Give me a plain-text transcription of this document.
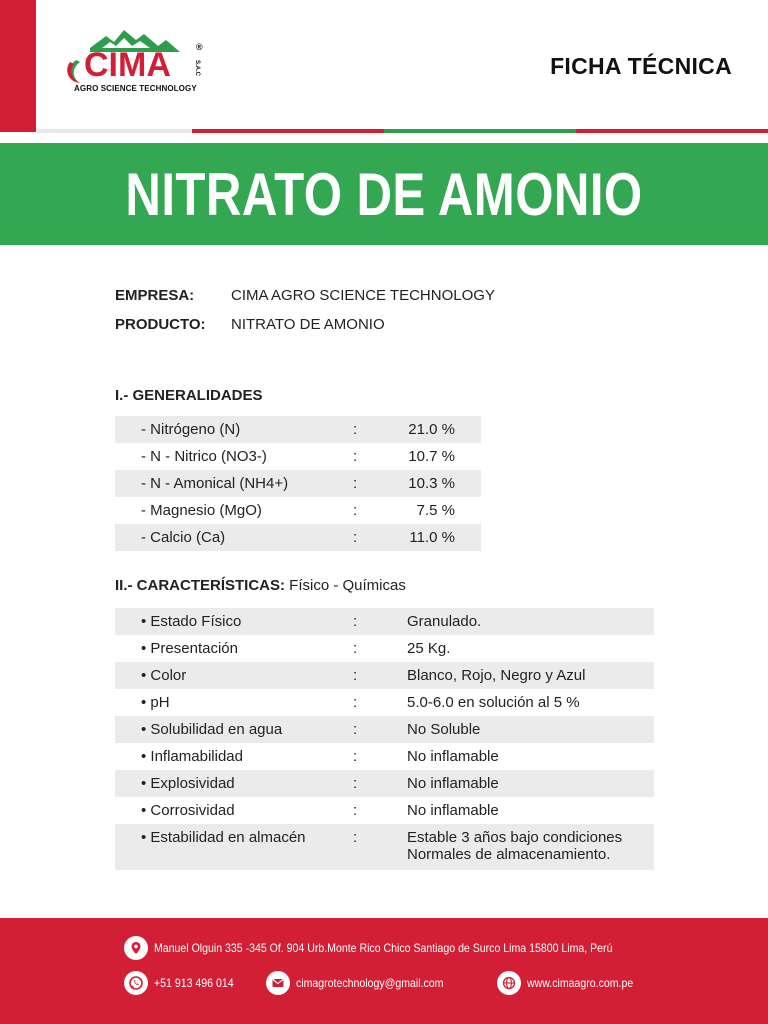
CIMA	®
S.A.C
AGRO SCIENCE TECHNOLOGY
FICHA TÉCNICA
NITRATO DE AMONIO
EMPRESA: CIMA AGRO SCIENCE TECHNOLOGY
PRODUCTO: NITRATO DE AMONIO
I.- GENERALIDADES
- Nitrógeno (N)	:	21.0 %
- N - Nitrico (NO3-)	:	10.7 %
- N - Amonical (NH4+)	:	10.3 %
- Magnesio (MgO)	:	7.5 %
- Calcio (Ca)	:	11.0 %
II.- CARACTERÍSTICAS: Físico - Químicas
• Estado Físico	:	Granulado.
• Presentación	:	25 Kg.
• Color	:	Blanco, Rojo, Negro y Azul
• pH	:	5.0-6.0 en solución al 5 %
• Solubilidad en agua	:	No Soluble
• Inflamabilidad	:	No inflamable
• Explosividad	:	No inflamable
• Corrosividad	:	No inflamable
• Estabilidad en almacén	:	Estable 3 años bajo condiciones
Normales de almacenamiento.
Manuel Olguin 335 -345 Of. 904 Urb.Monte Rico Chico Santiago de Surco Lima 15800 Lima, Perú
+51 913 496 014	cimagrotechnology@gmail.com	www.cimaagro.com.pe
